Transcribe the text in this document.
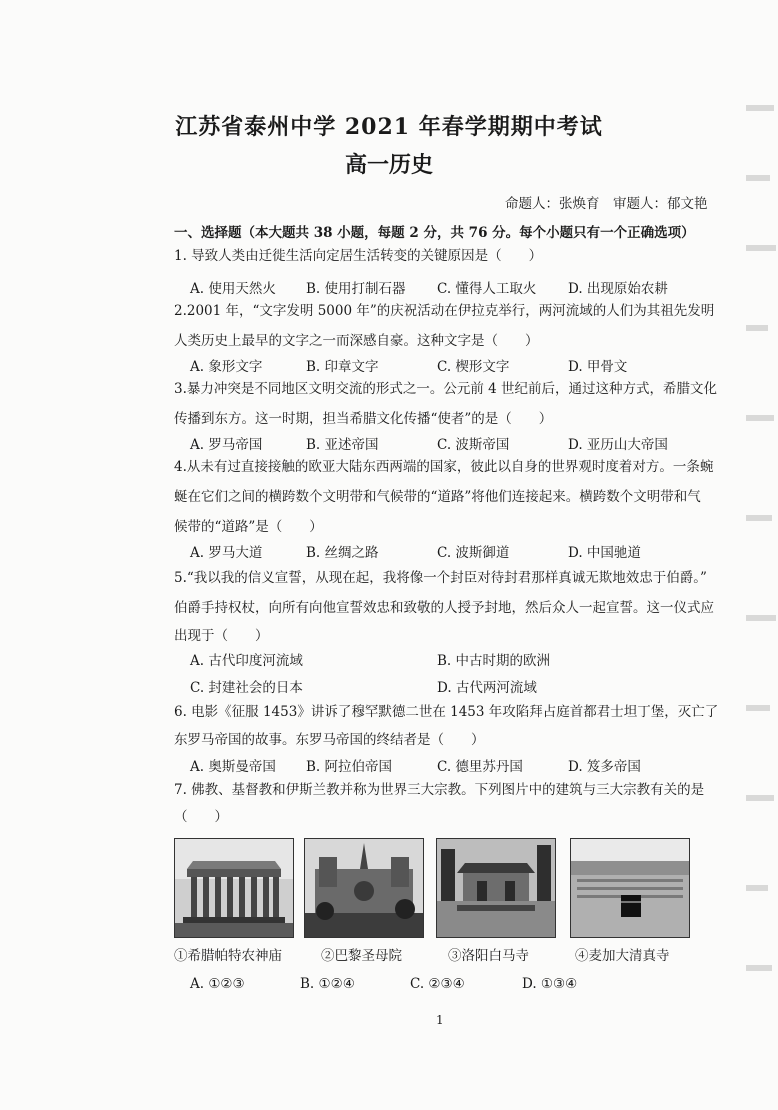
江苏省泰州中学 2021 年春学期期中考试
高一历史
命题人：张焕育　审题人：郁文艳
一、选择题（本大题共 38 小题，每题 2 分，共 76 分。每个小题只有一个正确选项）
1. 导致人类由迁徙生活向定居生活转变的关键原因是（　　）
A. 使用天然火 B. 使用打制石器 C. 懂得人工取火 D. 出现原始农耕
2.2001 年，“文字发明 5000 年”的庆祝活动在伊拉克举行，两河流域的人们为其祖先发明
人类历史上最早的文字之一而深感自豪。这种文字是（　　）
A. 象形文字	B. 印章文字	C. 楔形文字	D. 甲骨文
3.暴力冲突是不同地区文明交流的形式之一。公元前 4 世纪前后，通过这种方式，希腊文化
传播到东方。这一时期，担当希腊文化传播“使者”的是（　　）
A. 罗马帝国	B. 亚述帝国	C. 波斯帝国	D. 亚历山大帝国
4.从未有过直接接触的欧亚大陆东西两端的国家，彼此以自身的世界观时度着对方。一条蜿
蜒在它们之间的横跨数个文明带和气候带的“道路”将他们连接起来。横跨数个文明带和气
候带的“道路”是（　　）
A. 罗马大道	B. 丝绸之路	C. 波斯御道	D. 中国驰道
5.“我以我的信义宣誓，从现在起，我将像一个封臣对待封君那样真诚无欺地效忠于伯爵。”
伯爵手持权杖，向所有向他宣誓效忠和致敬的人授予封地，然后众人一起宣誓。这一仪式应
出现于（　　）
A. 古代印度河流域	B. 中古时期的欧洲
C. 封建社会的日本	D. 古代两河流域
6. 电影《征服 1453》讲诉了穆罕默德二世在 1453 年攻陷拜占庭首都君士坦丁堡，灭亡了
东罗马帝国的故事。东罗马帝国的终结者是（　　）
A. 奥斯曼帝国 B. 阿拉伯帝国	C. 德里苏丹国	D. 笈多帝国
7. 佛教、基督教和伊斯兰教并称为世界三大宗教。下列图片中的建筑与三大宗教有关的是
（　　）
①希腊帕特农神庙	②巴黎圣母院	③洛阳白马寺	④麦加大清真寺
A. ①②③	B. ①②④	C. ②③④	D. ①③④
1
